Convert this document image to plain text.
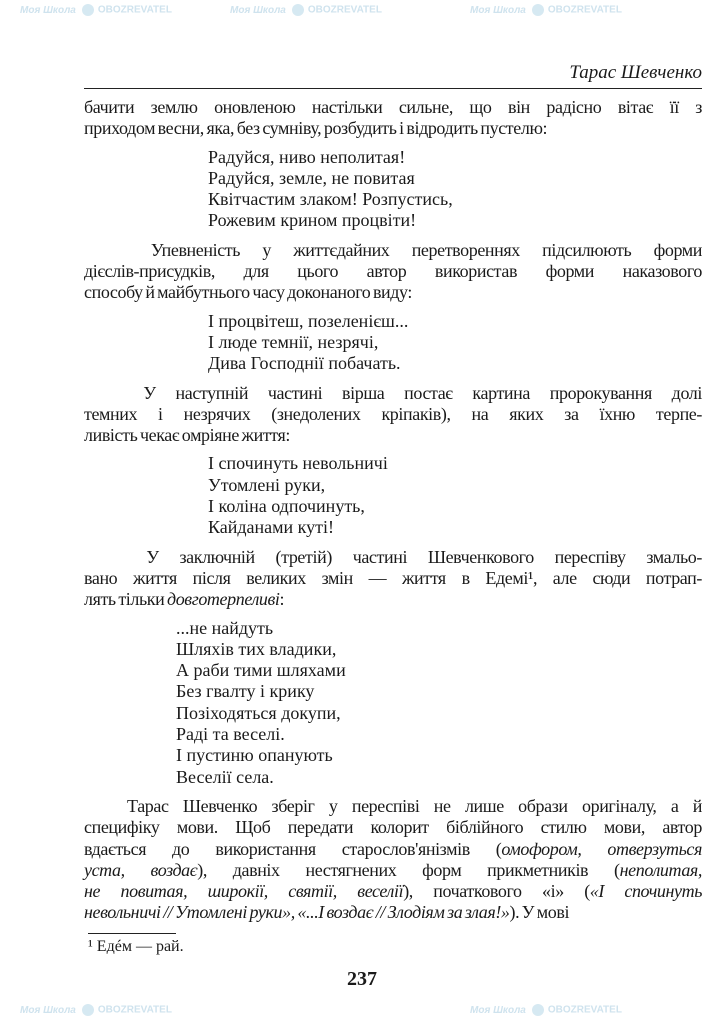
Моя Школа OBOZREVATEL	Моя Школа OBOZREVATEL	Моя Школа OBOZREVATEL
Моя Школа OBOZREVATEL	Моя Школа OBOZREVATEL
Тарас Шевченко
бачити землю оновленою настільки сильне, що він радісно вітає її з
приходом весни, яка, без сумніву, розбудить і відродить пустелю:
Радуйся, ниво неполитая!
Радуйся, земле, не повитая
Квітчастим злаком! Розпустись,
Рожевим крином процвіти!
Упевненість у життєдайних перетвореннях підсилюють форми
дієслів-присудків, для цього автор використав форми наказового
способу й майбутнього часу доконаного виду:
І процвітеш, позеленієш...
І люде темнії, незрячі,
Дива Господнії побачать.
У наступній частині вірша постає картина пророкування долі
темних і незрячих (знедолених кріпаків), на яких за їхню терпе-
ливість чекає омріяне життя:
І спочинуть невольничі
Утомлені руки,
І коліна одпочинуть,
Кайданами куті!
У заключній (третій) частині Шевченкового переспіву змальо-
вано життя після великих змін — життя в Едемі¹, але сюди потрап-
лять тільки довготерпеливі:
...не найдуть
Шляхів тих владики,
А раби тими шляхами
Без гвалту і крику
Позіходяться докупи,
Раді та веселі.
І пустиню опанують
Веселії села.
Тарас Шевченко зберіг у переспіві не лише образи оригіналу, а й
специфіку мови. Щоб передати колорит біблійного стилю мови, автор
вдається до використання старослов'янізмів (омофором, отверзуться
уста, воздає), давніх нестягнених форм прикметників (неполитая,
не повитая, широкії, святії, веселії), початкового «і» («І спочинуть
невольничі // Утомлені руки», «...І воздає // Злодіям за злая!»). У мові
¹ Едéм — рай.
237
